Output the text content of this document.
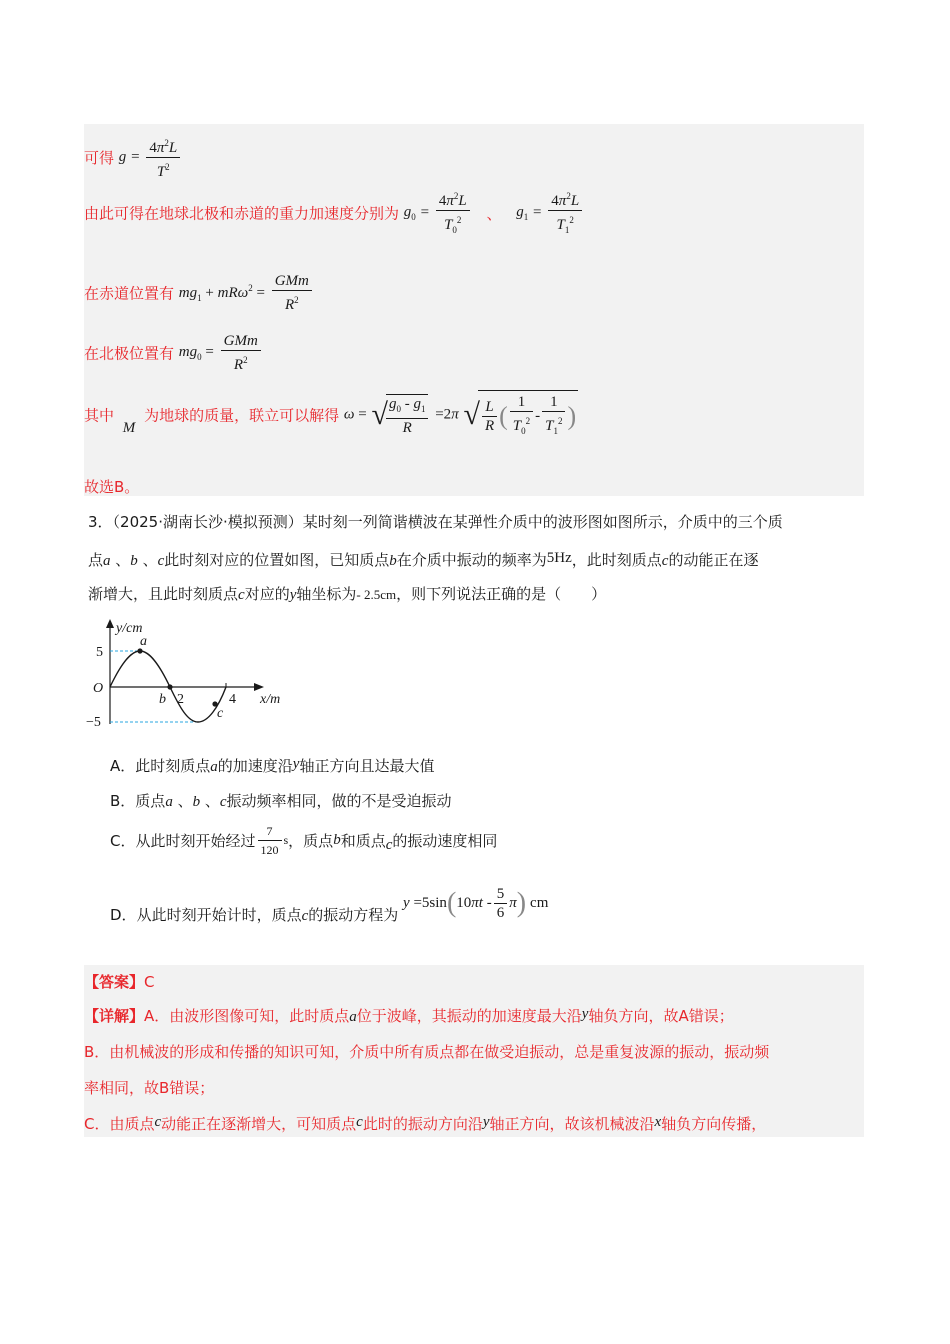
可得 $g = \frac{4\pi^2L}{T^2}$
由此可得在地球北极和赤道的重力加速度分别为 $g_0 = \frac{4\pi^2L}{T_0^2}$ 、 $g_1 = \frac{4\pi^2L}{T_1^2}$
在赤道位置有 $mg_1 + mR\omega^2 = \frac{\text{GMm}}{R^2}$
在北极位置有 $mg_0 = \frac{\text{GMm}}{R^2}$
其中 M 为地球的质量，联立可以解得 ω = √
$\frac{g_0 - g_1}{R} =2\pi$ √ $\frac{L}{R}$ ( $\frac{1}{T_0^2} - \frac{1}{T_1^2}$ )
故选B。
3．（2025·湖南长沙·模拟预测）某时刻一列简谐横波在某弹性介质中的波形图如图所示，介质中的三个质
点a 、b 、c此时刻对应的位置如图，已知质点b在介质中振动的频率为5Hz，此时刻质点c的动能正在逐
渐增大，且此时刻质点c对应的y轴坐标为- 2.5cm，则下列说法正确的是（　　）
y/cm
x/m
O
5
−5
2	4
a
b
c
A．此时刻质点a的加速度沿y轴正方向且达最大值
B．质点a 、b 、c振动频率相同，做的不是受迫振动
C．从此时刻开始经过 $\frac{7}{120}$ s，质点b和质点c的振动速度相同
D．从此时刻开始计时，质点c的振动方程为 $y =5\sin(10\pi t - \frac{5}{6} \pi)$ cm
【答案】C
【详解】A．由波形图像可知，此时质点a位于波峰，其振动的加速度最大沿y轴负方向，故A错误；
B．由机械波的形成和传播的知识可知，介质中所有质点都在做受迫振动，总是重复波源的振动，振动频
率相同，故B错误；
C．由质点c动能正在逐渐增大，可知质点c此时的振动方向沿y轴正方向，故该机械波沿x轴负方向传播，
